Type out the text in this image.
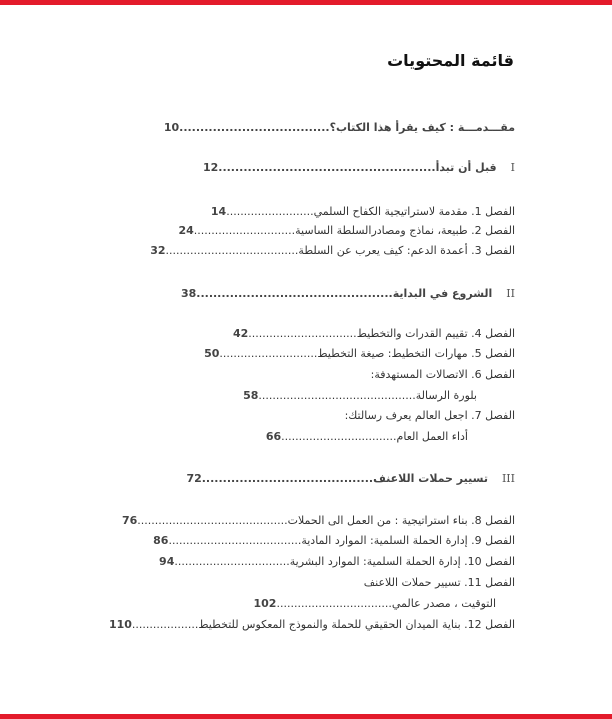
قائمة المحتويات
مقـــدمـــة : كيف يقرأ هذا الكتاب؟....................................10
Iقبل أن تبدأ....................................................12
الفصل 1. مقدمة لاستراتيجية الكفاح السلمي.........................14
الفصل 2. طبيعة، نماذج ومصادرالسلطة الساسية.............................24
الفصل 3. أعمدة الدعم: كيف يعرب عن السلطة......................................32
IIالشروع في البداية...............................................38
الفصل 4. تقييم القدرات والتخطيط...............................42
الفصل 5. مهارات التخطيط: صيغة التخطيط............................50
الفصل 6. الاتصالات المستهدفة:
بلورة الرسالة.............................................58
الفصل 7. اجعل العالم يعرف رسالتك:
أداء العمل العام.................................66
IIIتسيير حملات اللاعنف.........................................72
الفصل 8. بناء استراتيجية : من العمل الى الحملات...........................................76
الفصل 9. إدارة الحملة السلمية: الموارد المادية......................................86
الفصل 10. إدارة الحملة السلمية: الموارد البشرية.................................94
الفصل 11. تسيير حملات اللاعنف
التوقيت ، مصدر عالمي.................................102
الفصل 12. بناية الميدان الحقيقي للحملة والنموذج المعكوس للتخطيط...................110
